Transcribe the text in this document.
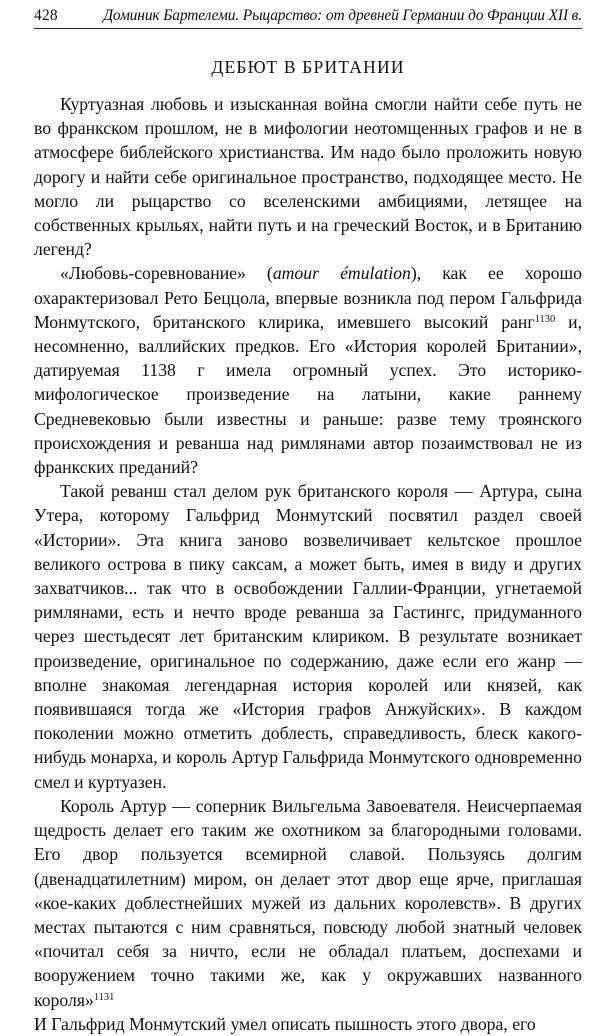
428	Доминик Бартелеми. Рыцарство: от древней Германии до Франции XII в.
ДЕБЮТ В БРИТАНИИ

Куртуазная любовь и изысканная война смогли найти себе путь не во франкском прошлом, не в мифологии неотомщенных графов и не в атмосфере библейского христианства. Им надо было проложить новую дорогу и найти себе оригинальное пространство, подходящее место. Не могло ли рыцарство со вселенскими амбициями, летящее на собственных крыльях, найти путь и на греческий Восток, и в Британию легенд?

«Любовь-соревнование» (amour émulation), как ее хорошо охарактеризовал Рето Беццола, впервые возникла под пером Гальфрида Монмутского, британского клирика, имевшего высокий ранг$^{1130}$ и, несомненно, валлийских предков. Его «История королей Британии», датируемая 1138 г имела огромный успех. Это историко-мифологическое произведение на латыни, какие раннему Средневековью были известны и раньше: разве тему троянского происхождения и реванша над римлянами автор позаимствовал не из франкских преданий?

Такой реванш стал делом рук британского короля — Артура, сына Утера, которому Гальфрид Монмутский посвятил раздел своей «Истории». Эта книга заново возвеличивает кельтское прошлое великого острова в пику саксам, а может быть, имея в виду и других захватчиков... так что в освобождении Галлии-Франции, угнетаемой римлянами, есть и нечто вроде реванша за Гастингс, придуманного через шестьдесят лет британским клириком. В результате возникает произведение, оригинальное по содержанию, даже если его жанр — вполне знакомая легендарная история королей или князей, как появившаяся тогда же «История графов Анжуйских». В каждом поколении можно отметить доблесть, справедливость, блеск какого-нибудь монарха, и король Артур Гальфрида Монмутского одновременно смел и куртуазен.

Король Артур — соперник Вильгельма Завоевателя. Неисчерпаемая щедрость делает его таким же охотником за благородными головами. Его двор пользуется всемирной славой. Пользуясь долгим (двенадцатилетним) миром, он делает этот двор еще ярче, приглашая «кое-каких доблестнейших мужей из дальних королевств». В других местах пытаются с ним сравняться, повсюду любой знатный человек «почитал себя за ничто, если не обладал платьем, доспехами и вооружением точно такими же, как у окружавших названного короля»$^{1131}$

И Гальфрид Монмутский умел описать пышность этого двора, его
